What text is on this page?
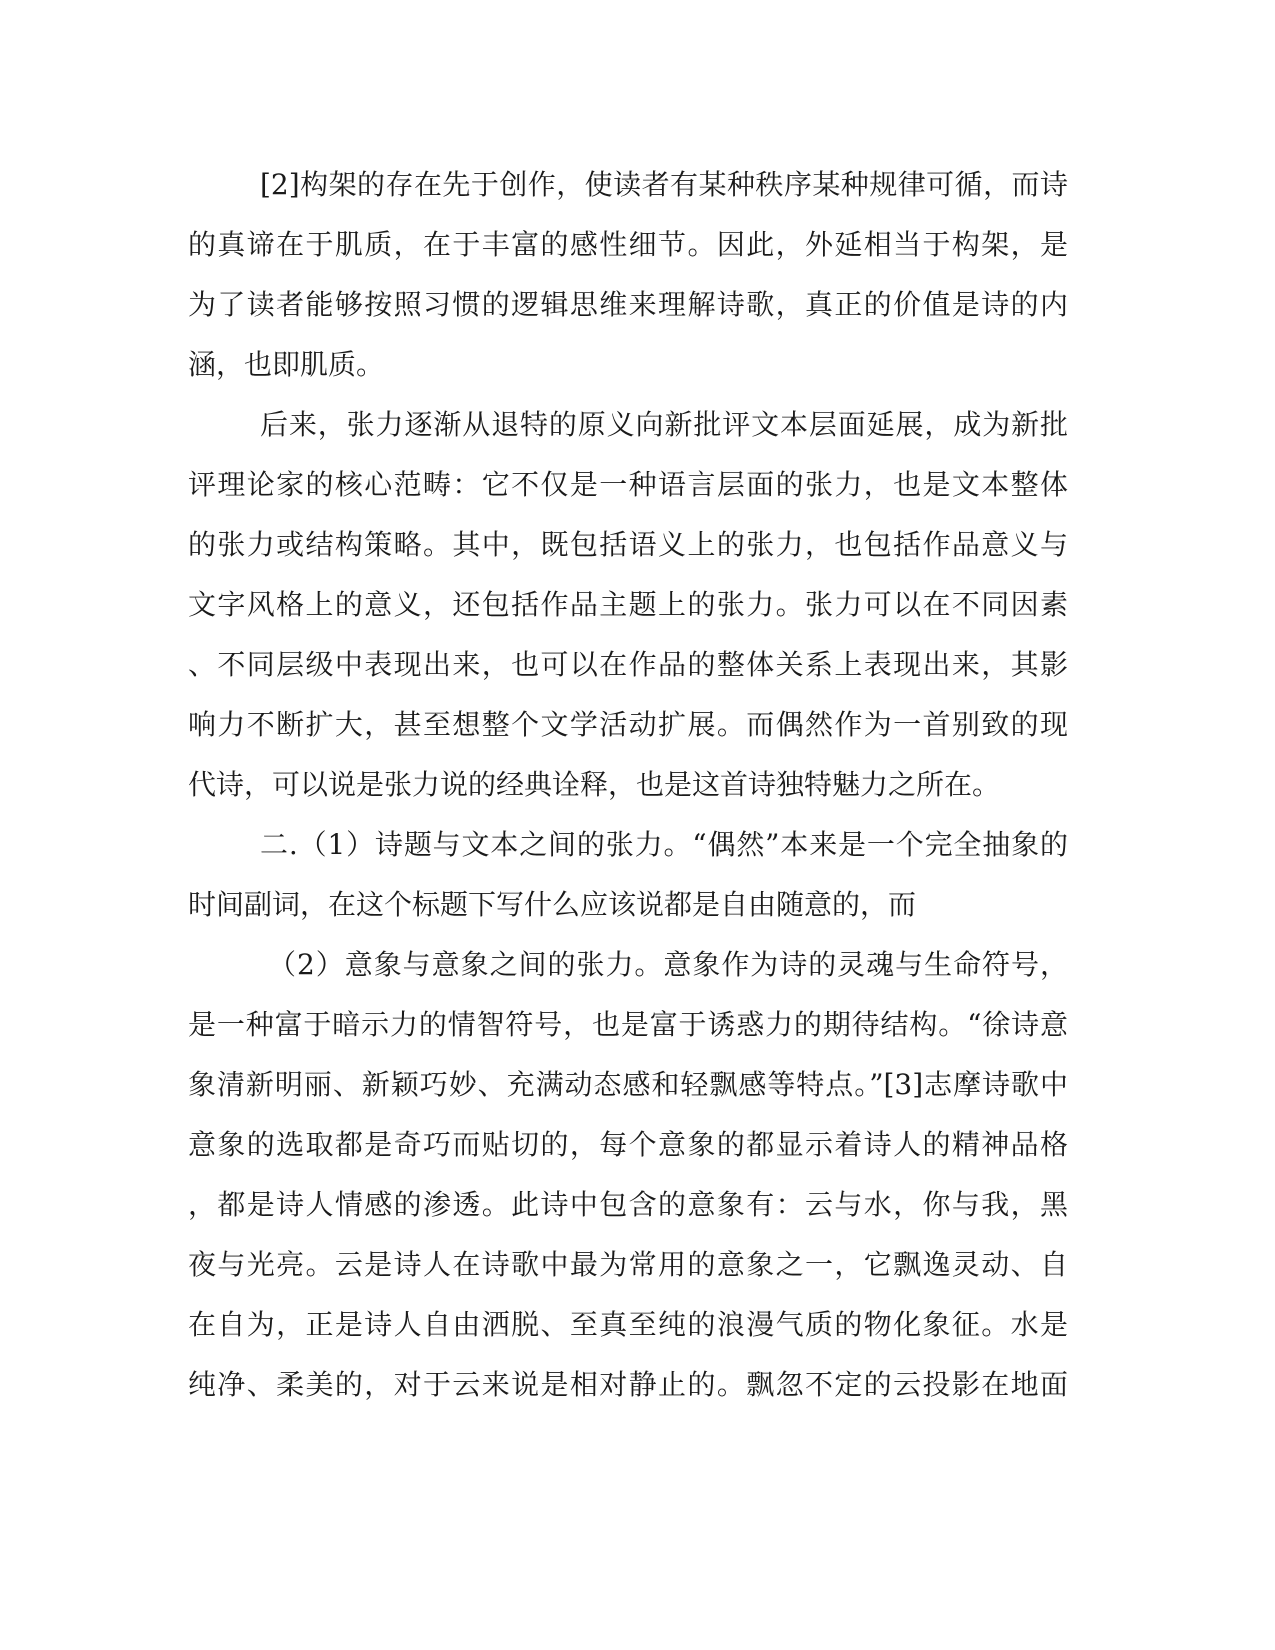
[2]构架的存在先于创作，使读者有某种秩序某种规律可循，而诗
的真谛在于肌质，在于丰富的感性细节。因此，外延相当于构架，是
为了读者能够按照习惯的逻辑思维来理解诗歌，真正的价值是诗的内
涵，也即肌质。
后来，张力逐渐从退特的原义向新批评文本层面延展，成为新批
评理论家的核心范畴：它不仅是一种语言层面的张力，也是文本整体
的张力或结构策略。其中，既包括语义上的张力，也包括作品意义与
文字风格上的意义，还包括作品主题上的张力。张力可以在不同因素
、不同层级中表现出来，也可以在作品的整体关系上表现出来，其影
响力不断扩大，甚至想整个文学活动扩展。而偶然作为一首别致的现
代诗，可以说是张力说的经典诠释，也是这首诗独特魅力之所在。
二.（1）诗题与文本之间的张力。“偶然”本来是一个完全抽象的
时间副词，在这个标题下写什么应该说都是自由随意的，而
（2）意象与意象之间的张力。意象作为诗的灵魂与生命符号，
是一种富于暗示力的情智符号，也是富于诱惑力的期待结构。“徐诗意
象清新明丽、新颖巧妙、充满动态感和轻飘感等特点。”[3]志摩诗歌中
意象的选取都是奇巧而贴切的，每个意象的都显示着诗人的精神品格
，都是诗人情感的渗透。此诗中包含的意象有：云与水，你与我，黑
夜与光亮。云是诗人在诗歌中最为常用的意象之一，它飘逸灵动、自
在自为，正是诗人自由洒脱、至真至纯的浪漫气质的物化象征。水是
纯净、柔美的，对于云来说是相对静止的。飘忽不定的云投影在地面
